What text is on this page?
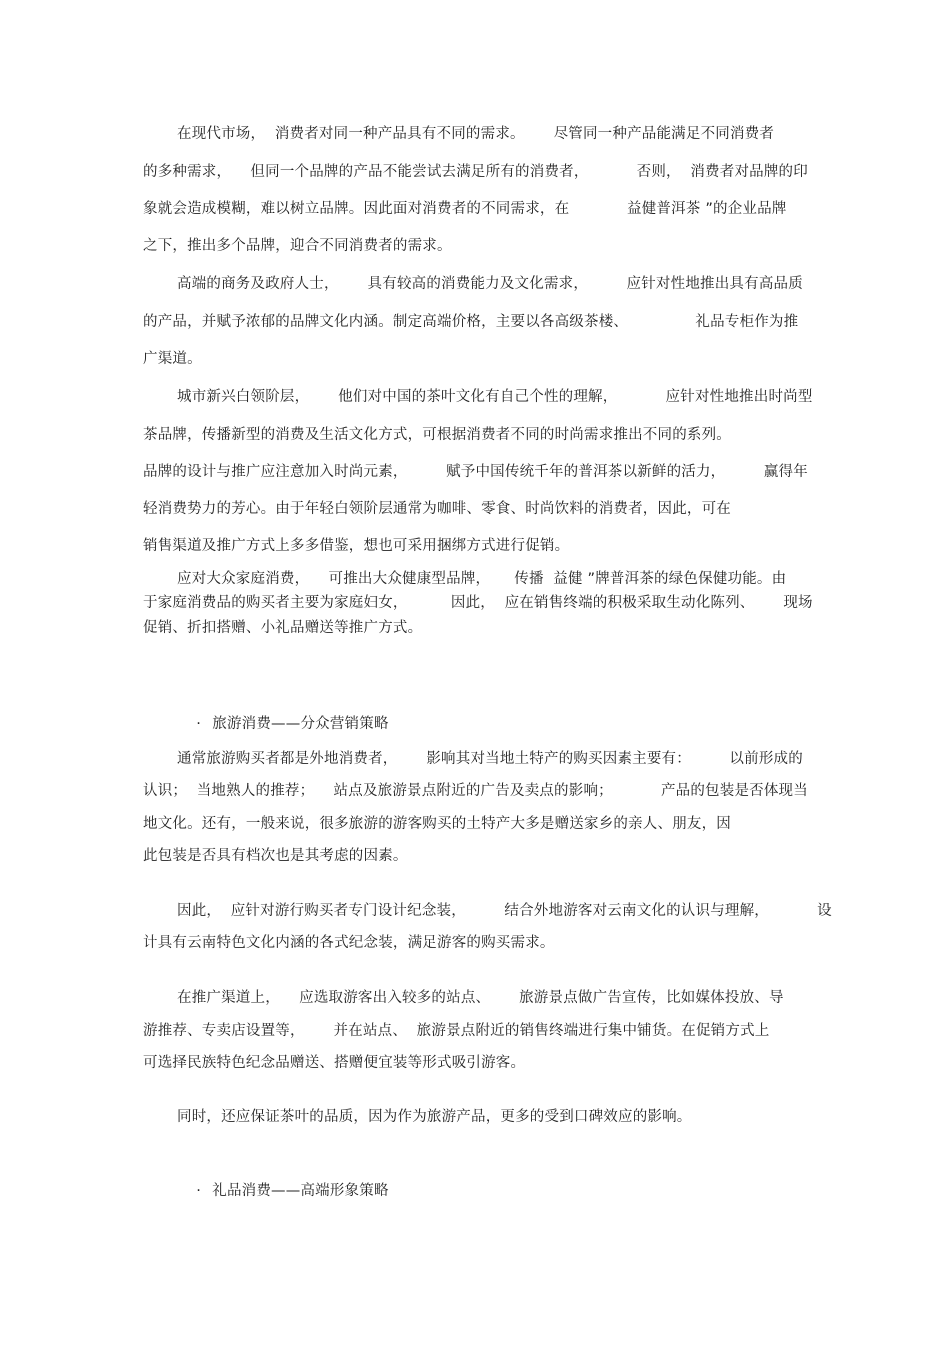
在现代市场，  消费者对同一种产品具有不同的需求。      尽管同一种产品能满足不同消费者
的多种需求，    但同一个品牌的产品不能尝试去满足所有的消费者，          否则，  消费者对品牌的印
象就会造成模糊，难以树立品牌。因此面对消费者的不同需求，在            益健普洱茶 ”的企业品牌
之下，推出多个品牌，迎合不同消费者的需求。
高端的商务及政府人士，      具有较高的消费能力及文化需求，        应针对性地推出具有高品质
的产品，并赋予浓郁的品牌文化内涵。制定高端价格，主要以各高级茶楼、              礼品专柜作为推
广渠道。
城市新兴白领阶层，      他们对中国的茶叶文化有自己个性的理解，          应针对性地推出时尚型
茶品牌，传播新型的消费及生活文化方式，可根据消费者不同的时尚需求推出不同的系列。
品牌的设计与推广应注意加入时尚元素，        赋予中国传统千年的普洱茶以新鲜的活力，        赢得年
轻消费势力的芳心。由于年轻白领阶层通常为咖啡、零食、时尚饮料的消费者，因此，可在
销售渠道及推广方式上多多借鉴，想也可采用捆绑方式进行促销。
应对大众家庭消费，    可推出大众健康型品牌，     传播  益健 ”牌普洱茶的绿色保健功能。由
于家庭消费品的购买者主要为家庭妇女，         因此，  应在销售终端的积极采取生动化陈列、      现场
促销、折扣搭赠、小礼品赠送等推广方式。

· 旅游消费——分众营销策略

通常旅游购买者都是外地消费者，      影响其对当地土特产的购买因素主要有：        以前形成的
认识；  当地熟人的推荐；    站点及旅游景点附近的广告及卖点的影响；          产品的包装是否体现当
地文化。还有，一般来说，很多旅游的游客购买的土特产大多是赠送家乡的亲人、朋友，因
此包装是否具有档次也是其考虑的因素。
因此，  应针对游行购买者专门设计纪念装，        结合外地游客对云南文化的认识与理解，          设
计具有云南特色文化内涵的各式纪念装，满足游客的购买需求。
在推广渠道上，    应选取游客出入较多的站点、      旅游景点做广告宣传，比如媒体投放、导
游推荐、专卖店设置等，      并在站点、  旅游景点附近的销售终端进行集中铺货。在促销方式上
可选择民族特色纪念品赠送、搭赠便宜装等形式吸引游客。
同时，还应保证茶叶的品质，因为作为旅游产品，更多的受到口碑效应的影响。

· 礼品消费——高端形象策略
